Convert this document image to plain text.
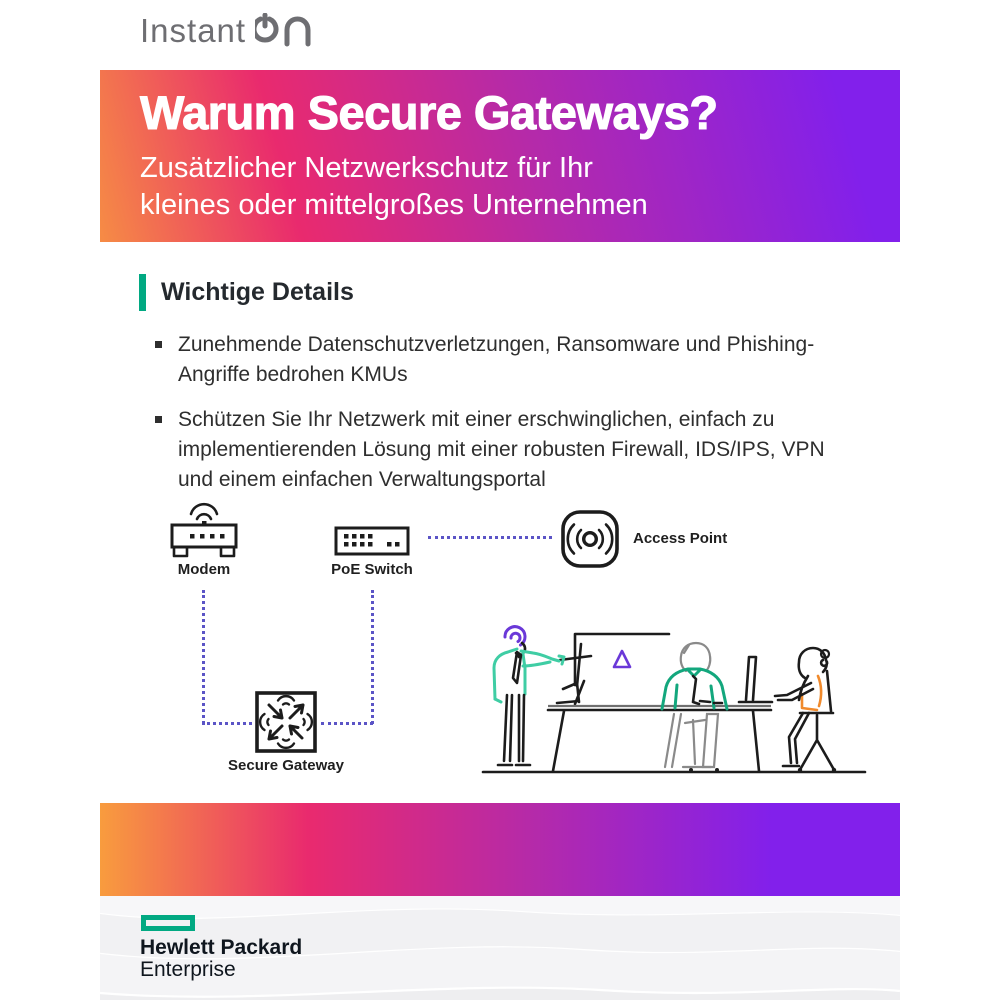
Instant
Warum Secure Gateways?
Zusätzlicher Netzwerkschutz für Ihr
kleines oder mittelgroßes Unternehmen
Wichtige Details
Zunehmende Datenschutzverletzungen, Ransomware und Phishing-Angriffe bedrohen KMUs
Schützen Sie Ihr Netzwerk mit einer erschwinglichen, einfach zu implementierenden Lösung mit einer robusten Firewall, IDS/IPS, VPN und einem einfachen Verwaltungsportal
Modem	PoE Switch
Access Point
Secure Gateway
Hewlett Packard
Enterprise
